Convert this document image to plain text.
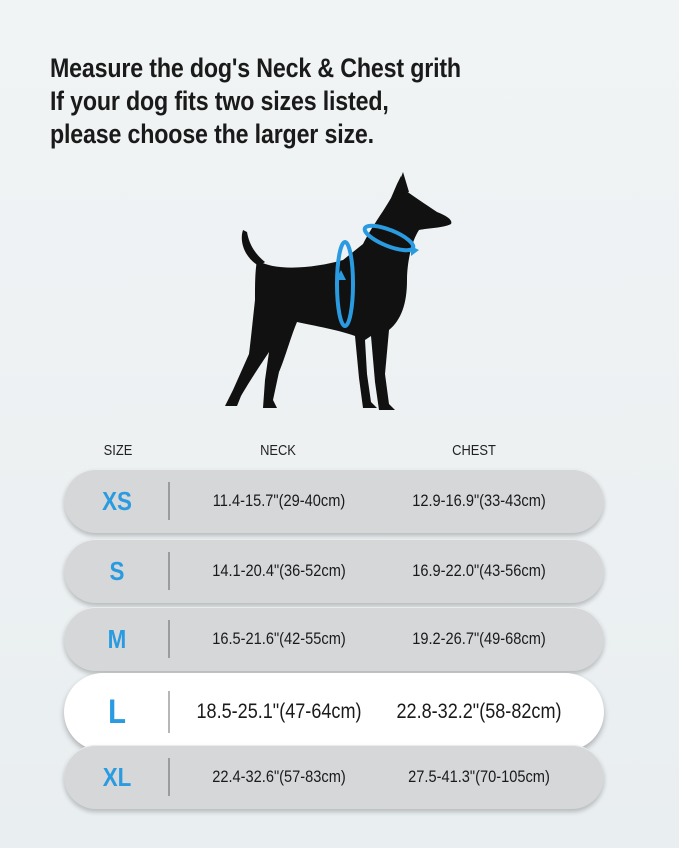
Measure the dog's Neck & Chest grith
If your dog fits two sizes listed,
please choose the larger size.
SIZE	NECK	CHEST
XS	11.4-15.7"(29-40cm)	12.9-16.9"(33-43cm)
S	14.1-20.4"(36-52cm)	16.9-22.0"(43-56cm)
M	16.5-21.6"(42-55cm)	19.2-26.7"(49-68cm)
L	18.5-25.1"(47-64cm)	22.8-32.2"(58-82cm)
XL	22.4-32.6"(57-83cm)	27.5-41.3"(70-105cm)
